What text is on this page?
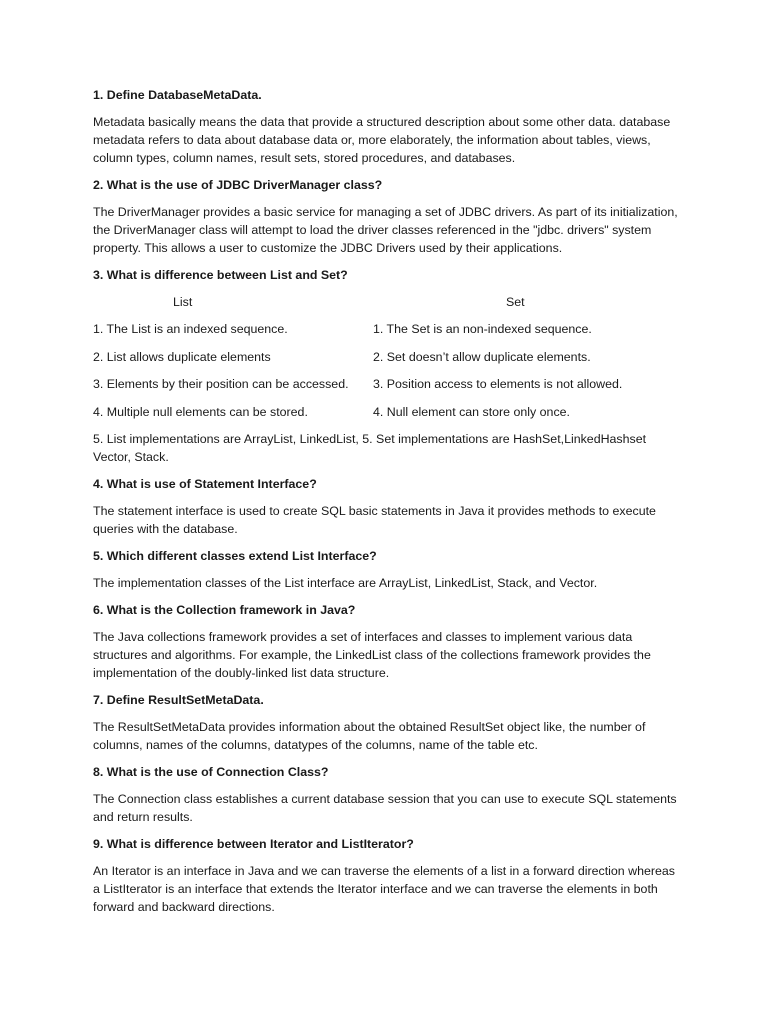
1. Define DatabaseMetaData.
Metadata basically means the data that provide a structured description about some other data. database metadata refers to data about database data or, more elaborately, the information about tables, views, column types, column names, result sets, stored procedures, and databases.
2. What is the use of JDBC DriverManager class?
The DriverManager provides a basic service for managing a set of JDBC drivers. As part of its initialization, the DriverManager class will attempt to load the driver classes referenced in the "jdbc. drivers" system property. This allows a user to customize the JDBC Drivers used by their applications.
3. What is difference between List and Set?
List	Set
1. The List is an indexed sequence.	1. The Set is an non-indexed sequence.
2. List allows duplicate elements	2. Set doesn’t allow duplicate elements.
3. Elements by their position can be accessed. 3. Position access to elements is not allowed.
4. Multiple null elements can be stored.	4. Null element can store only once.
5. List implementations are ArrayList, LinkedList, 5. Set implementations are HashSet,LinkedHashset Vector, Stack.
4. What is use of Statement Interface?
The statement interface is used to create SQL basic statements in Java it provides methods to execute queries with the database.
5. Which different classes extend List Interface?
The implementation classes of the List interface are ArrayList, LinkedList, Stack, and Vector.
6. What is the Collection framework in Java?
The Java collections framework provides a set of interfaces and classes to implement various data structures and algorithms. For example, the LinkedList class of the collections framework provides the implementation of the doubly-linked list data structure.
7. Define ResultSetMetaData.
The ResultSetMetaData provides information about the obtained ResultSet object like, the number of columns, names of the columns, datatypes of the columns, name of the table etc.
8. What is the use of Connection Class?
The Connection class establishes a current database session that you can use to execute SQL statements and return results.
9. What is difference between Iterator and ListIterator?
An Iterator is an interface in Java and we can traverse the elements of a list in a forward direction whereas a ListIterator is an interface that extends the Iterator interface and we can traverse the elements in both forward and backward directions.
